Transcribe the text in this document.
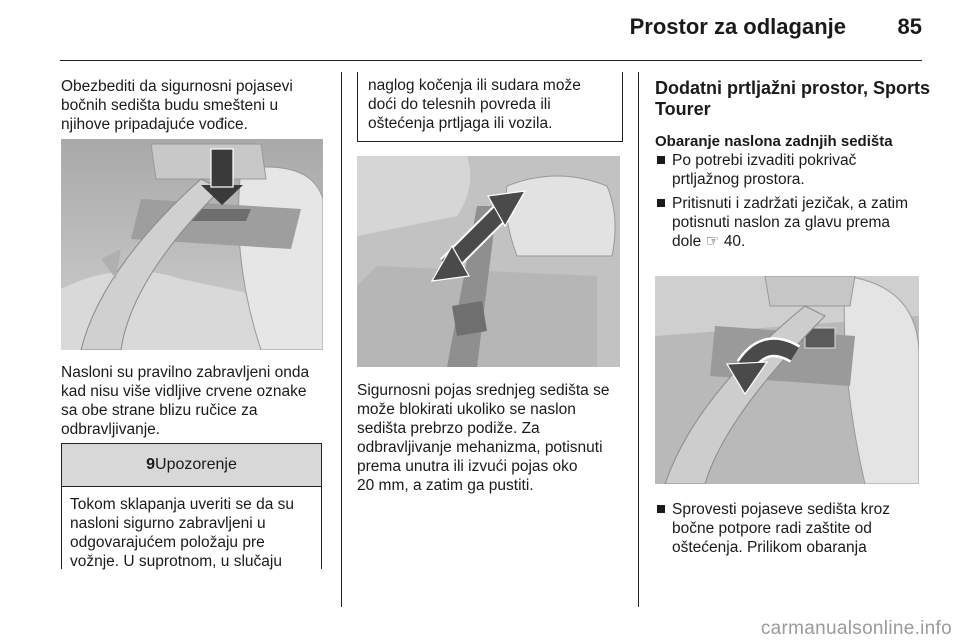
Prostor za odlaganje	85
Obezbediti da sigurnosni pojasevi
bočnih sedišta budu smešteni u
njihove pripadajuće vođice.
Nasloni su pravilno zabravljeni onda
kad nisu više vidljive crvene oznake
sa obe strane blizu ručice za
odbravljivanje.
9 Upozorenje
Tokom sklapanja uveriti se da su
nasloni sigurno zabravljeni u
odgovarajućem položaju pre
vožnje. U suprotnom, u slučaju
naglog kočenja ili sudara može
doći do telesnih povreda ili
oštećenja prtljaga ili vozila.
Sigurnosni pojas srednjeg sedišta se
može blokirati ukoliko se naslon
sedišta prebrzo podiže. Za
odbravljivanje mehanizma, potisnuti
prema unutra ili izvući pojas oko
20 mm, a zatim ga pustiti.
Dodatni prtljažni prostor, Sports
Tourer
Obaranje naslona zadnjih sedišta
Po potrebi izvaditi pokrivač
prtljažnog prostora.
Pritisnuti i zadržati jezičak, a zatim
potisnuti naslon za glavu prema
dole ☞ 40.
Sprovesti pojaseve sedišta kroz
bočne potpore radi zaštite od
oštećenja. Prilikom obaranja
carmanualsonline.info
